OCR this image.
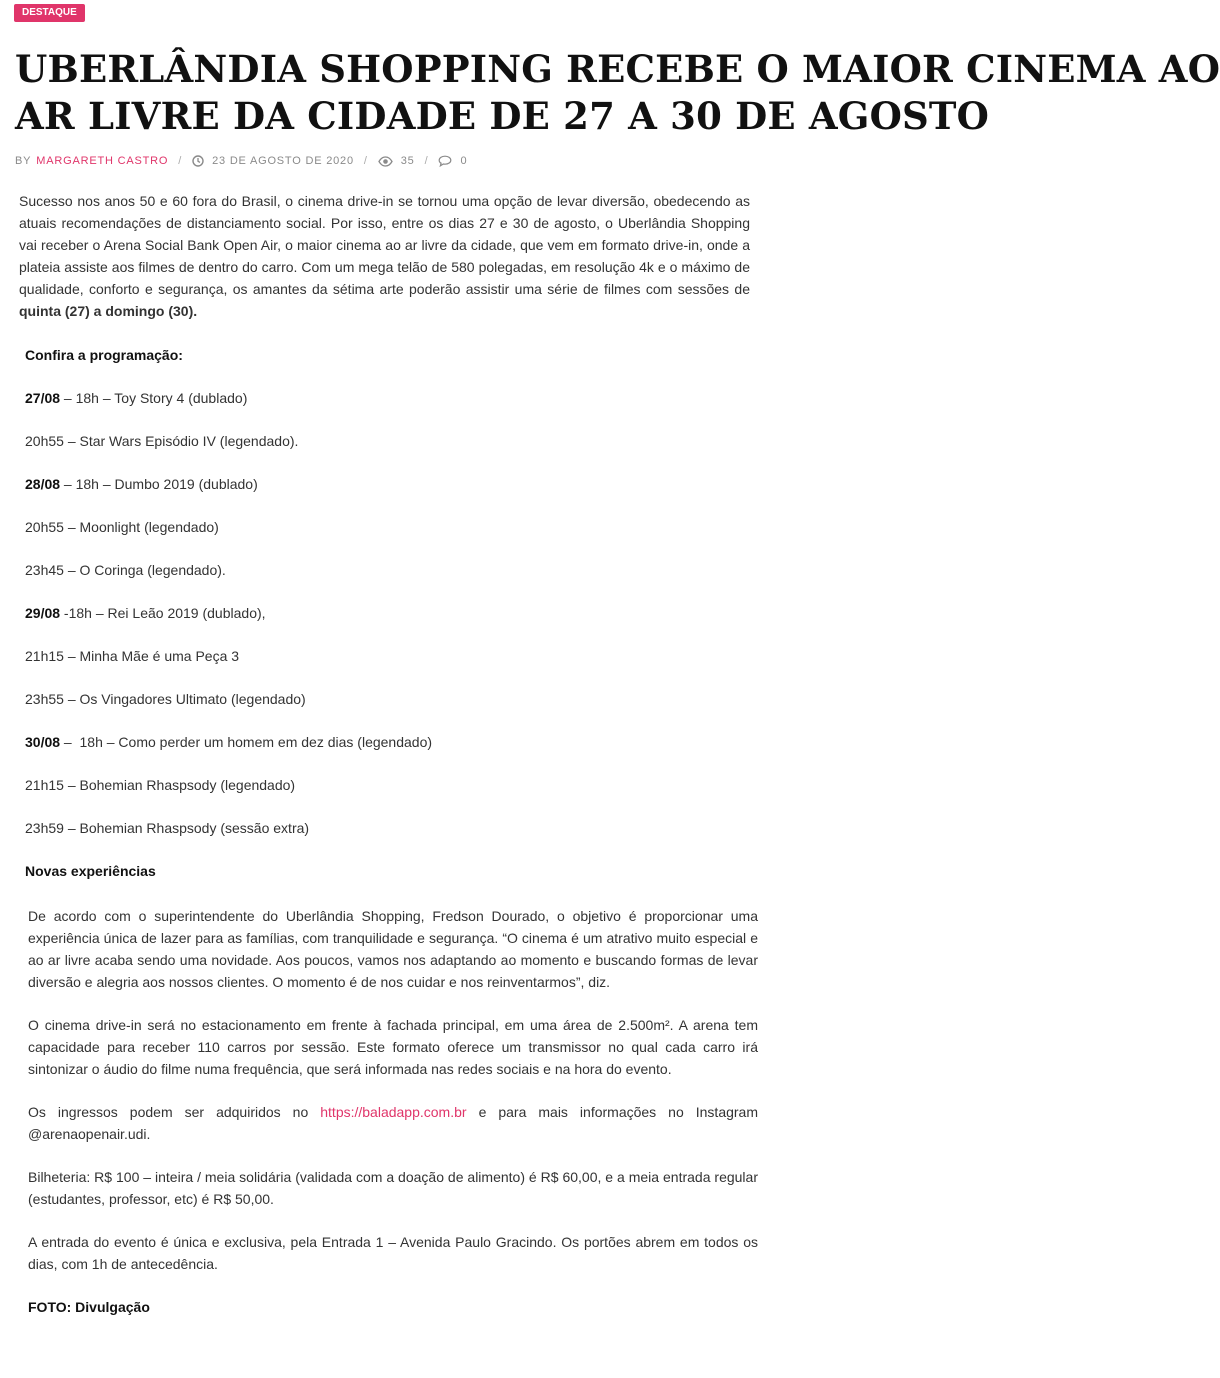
DESTAQUE
UBERLÂNDIA SHOPPING RECEBE O MAIOR CINEMA AO
AR LIVRE DA CIDADE DE 27 A 30 DE AGOSTO
BY MARGARETH CASTRO /	23 DE AGOSTO DE 2020 /	35 /	0

Sucesso nos anos 50 e 60 fora do Brasil, o cinema drive-in se tornou uma opção de levar diversão, obedecendo as atuais recomendações de distanciamento social. Por isso, entre os dias 27 e 30 de agosto, o Uberlândia Shopping vai receber o Arena Social Bank Open Air, o maior cinema ao ar livre da cidade, que vem em formato drive-in, onde a plateia assiste aos filmes de dentro do carro. Com um mega telão de 580 polegadas, em resolução 4k e o máximo de qualidade, conforto e segurança, os amantes da sétima arte poderão assistir uma série de filmes com sessões de quinta (27) a domingo (30).

Confira a programação:
27/08 – 18h – Toy Story 4 (dublado)
20h55 – Star Wars Episódio IV (legendado).
28/08 – 18h – Dumbo 2019 (dublado)
20h55 – Moonlight (legendado)
23h45 – O Coringa (legendado).
29/08 -18h – Rei Leão 2019 (dublado),
21h15 – Minha Mãe é uma Peça 3
23h55 – Os Vingadores Ultimato (legendado)
30/08 –  18h – Como perder um homem em dez dias (legendado)
21h15 – Bohemian Rhaspsody (legendado)
23h59 – Bohemian Rhaspsody (sessão extra)
Novas experiências

De acordo com o superintendente do Uberlândia Shopping, Fredson Dourado, o objetivo é proporcionar uma experiência única de lazer para as famílias, com tranquilidade e segurança. “O cinema é um atrativo muito especial e ao ar livre acaba sendo uma novidade. Aos poucos, vamos nos adaptando ao momento e buscando formas de levar diversão e alegria aos nossos clientes. O momento é de nos cuidar e nos reinventarmos”, diz.

O cinema drive-in será no estacionamento em frente à fachada principal, em uma área de 2.500m². A arena tem capacidade para receber 110 carros por sessão. Este formato oferece um transmissor no qual cada carro irá sintonizar o áudio do filme numa frequência, que será informada nas redes sociais e na hora do evento.

Os ingressos podem ser adquiridos no https://baladapp.com.br e para mais informações no Instagram @arenaopenair.udi.

Bilheteria: R$ 100 – inteira / meia solidária (validada com a doação de alimento) é R$ 60,00, e a meia entrada regular (estudantes, professor, etc) é R$ 50,00.

A entrada do evento é única e exclusiva, pela Entrada 1 – Avenida Paulo Gracindo. Os portões abrem em todos os dias, com 1h de antecedência.

FOTO: Divulgação
